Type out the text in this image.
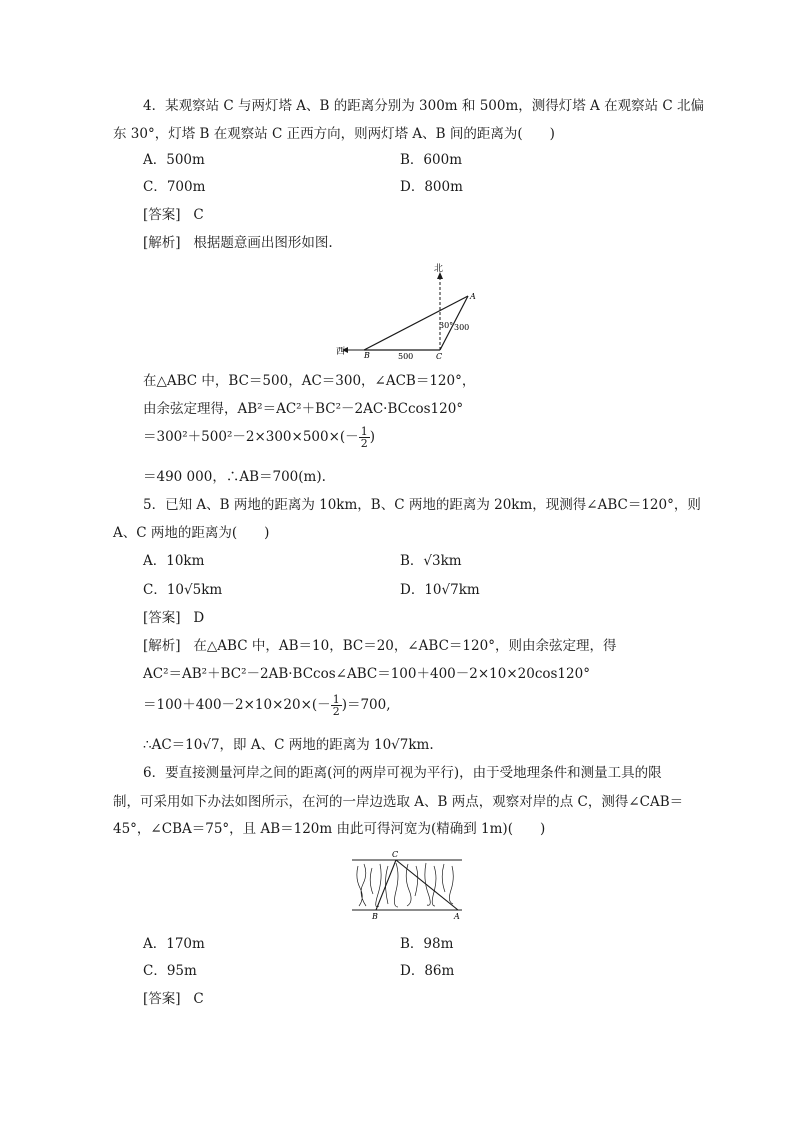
4．某观察站 C 与两灯塔 A、B 的距离分别为 300m 和 500m，测得灯塔 A 在观察站 C 北偏
东 30°，灯塔 B 在观察站 C 正西方向，则两灯塔 A、B 间的距离为(　　)
A．500m	B．600m
C．700m	D．800m
[答案] C
[解析] 根据题意画出图形如图.
北
西
A
B	C
500
300
30°
在△ABC 中，BC＝500，AC＝300，∠ACB＝120°，
由余弦定理得，AB²＝AC²＋BC²－2AC·BCcos120°
$=300^2+500^2-2\times 300\times 500\times(- \frac{1}{2}$ )
＝490 000，∴AB＝700(m).
5．已知 A、B 两地的距离为 10km，B、C 两地的距离为 20km，现测得∠ABC＝120°，则
A、C 两地的距离为(　　)
A．10km	B．√3km
C．10√5km	D．10√7km
[答案] D
[解析] 在△ABC 中，AB＝10，BC＝20，∠ABC＝120°，则由余弦定理，得
AC²＝AB²＋BC²－2AB·BCcos∠ABC＝100＋400－2×10×20cos120°
$=100+400-2\times 10\times 20\times(- \frac{1}{2} )=700$,
∴AC＝10√7，即 A、C 两地的距离为 10√7km.
6．要直接测量河岸之间的距离(河的两岸可视为平行)，由于受地理条件和测量工具的限
制，可采用如下办法如图所示，在河的一岸边选取 A、B 两点，观察对岸的点 C，测得∠CAB＝
45°，∠CBA＝75°，且 AB＝120m 由此可得河宽为(精确到 1m)(　　)
C
B	A
A．170m	B．98m
C．95m	D．86m
[答案] C
